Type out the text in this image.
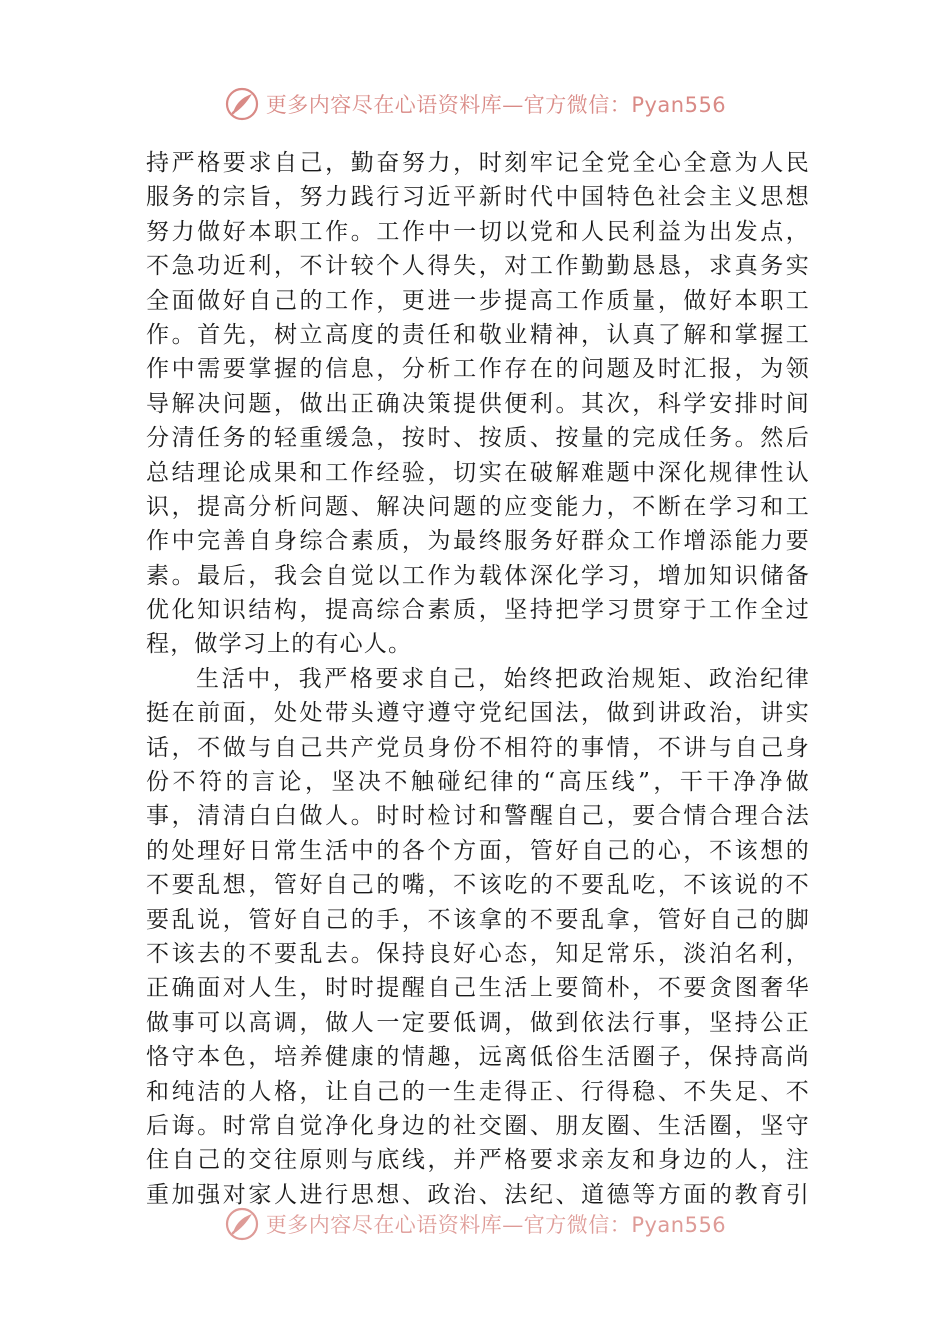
更多内容尽在心语资料库—官方微信：Pyan556
持严格要求自己，勤奋努力，时刻牢记全党全心全意为人民
服务的宗旨，努力践行习近平新时代中国特色社会主义思想
努力做好本职工作。工作中一切以党和人民利益为出发点，
不急功近利，不计较个人得失，对工作勤勤恳恳，求真务实
全面做好自己的工作，更进一步提高工作质量，做好本职工
作。首先，树立高度的责任和敬业精神，认真了解和掌握工
作中需要掌握的信息，分析工作存在的问题及时汇报，为领
导解决问题，做出正确决策提供便利。其次，科学安排时间
分清任务的轻重缓急，按时、按质、按量的完成任务。然后
总结理论成果和工作经验，切实在破解难题中深化规律性认
识，提高分析问题、解决问题的应变能力，不断在学习和工
作中完善自身综合素质，为最终服务好群众工作增添能力要
素。最后，我会自觉以工作为载体深化学习，增加知识储备
优化知识结构，提高综合素质，坚持把学习贯穿于工作全过
程，做学习上的有心人。
生活中，我严格要求自己，始终把政治规矩、政治纪律
挺在前面，处处带头遵守遵守党纪国法，做到讲政治，讲实
话，不做与自己共产党员身份不相符的事情，不讲与自己身
份不符的言论，坚决不触碰纪律的“高压线”，干干净净做
事，清清白白做人。时时检讨和警醒自己，要合情合理合法
的处理好日常生活中的各个方面，管好自己的心，不该想的
不要乱想，管好自己的嘴，不该吃的不要乱吃，不该说的不
要乱说，管好自己的手，不该拿的不要乱拿，管好自己的脚
不该去的不要乱去。保持良好心态，知足常乐，淡泊名利，
正确面对人生，时时提醒自己生活上要简朴，不要贪图奢华
做事可以高调，做人一定要低调，做到依法行事，坚持公正
恪守本色，培养健康的情趣，远离低俗生活圈子，保持高尚
和纯洁的人格，让自己的一生走得正、行得稳、不失足、不
后诲。时常自觉净化身边的社交圈、朋友圈、生活圈，坚守
住自己的交往原则与底线，并严格要求亲友和身边的人，注
重加强对家人进行思想、政治、法纪、道德等方面的教育引
更多内容尽在心语资料库—官方微信：Pyan556
